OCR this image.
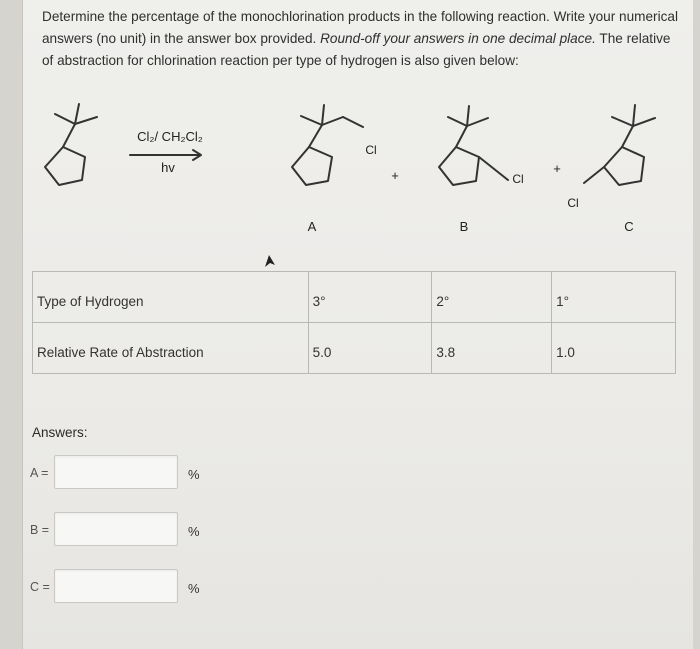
Determine the percentage of the monochlorination products in the following reaction. Write your numerical answers (no unit) in the answer box provided. Round-off your answers in one decimal place. The relative of abstraction for chlorination reaction per type of hydrogen is also given below:
Cl₂/ CH₂Cl₂
hv
Cl
+	Cl
+
Cl
A	B	C
Type of Hydrogen	3°	2°	1°
Relative Rate of Abstraction	5.0	3.8	1.0
Answers:
A =	%
B =	%
C =	%
